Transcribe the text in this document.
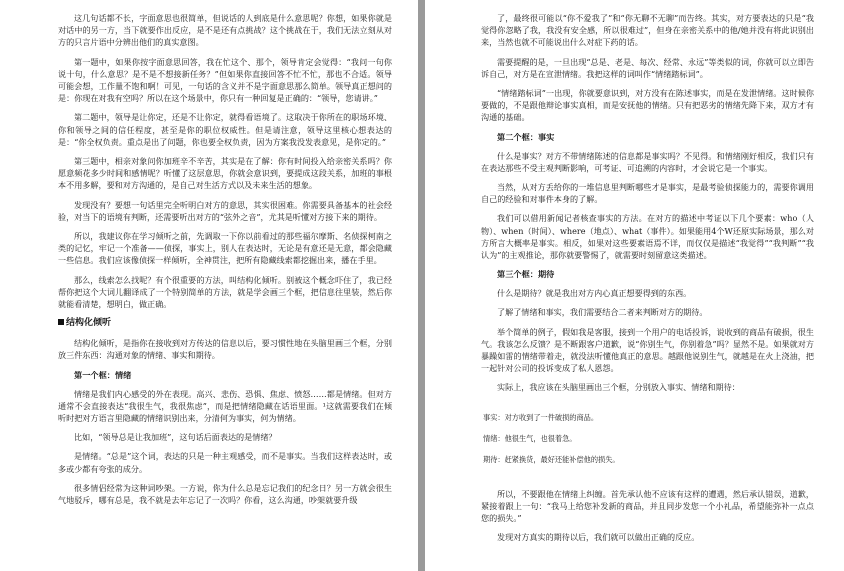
这几句话都不长，字面意思也很简单，但说话的人到底是什么意思呢？你想，如果你就是对话中的另一方，当下就要作出反应，是不是还有点挑战？这个挑战在于，我们无法立刻从对方的只言片语中分辨出他们的真实意图。

第一题中，如果你按字面意思回答，我在忙这个、那个，领导肯定会觉得：“我问一句你说十句，什么意思？是不是不想接新任务？”但如果你直接回答不忙不忙，那也不合适。领导可能会想，工作量不饱和啊！可见，一句话的含义并不是字面意思那么简单。领导真正想问的是：你现在对我有空吗？所以在这个场景中，你只有一种回复是正确的：“领导，您请讲。”

第二题中，领导是让你定，还是不让你定，就得看语境了。这取决于你所在的职场环境、你和领导之间的信任程度，甚至是你的职位权威性。但是请注意，领导这里核心想表达的是：“你全权负责。重点是出了问题，你也要全权负责，因为方案我没发表意见，是你定的。”

第三题中，相亲对象问你加班辛不辛苦，其实是在了解：你有时间投入给亲密关系吗？你愿意频花多少时间和感情呢？听懂了这层意思，你就会意识到，要提成这段关系，加班的事根本不用多解，要和对方沟通的，是自己对生活方式以及未来生活的想象。

发现没有？要想一句话里完全听明白对方的意思，其实很困难。你需要具备基本的社会经验，对当下的语境有判断，还需要听出对方的“弦外之音”，尤其是听懂对方接下来的期待。

所以，我建议你在学习倾听之前，先调取一下你以前看过的那些福尔摩斯、名侦探柯南之类的记忆，牢记一个准备——侦探，事实上，别人在表达时，无论是有意还是无意，都会隐藏一些信息。我们应该像侦探一样倾听，全神贯注，把所有隐藏线索都挖掘出来，播在手里。

那么，线索怎么找呢？有个很重要的方法，叫结构化倾听。别被这个概念吓住了，我已经帮你把这个大词儿翻译成了一个特别简单的方法，就是学会画三个框，把信息往里装，然后你就能看清楚，想明白，做正确。

结构化倾听

结构化倾听，是指你在接收到对方传达的信息以后，要习惯性地在头脑里画三个框，分别放三件东西：沟通对象的情绪、事实和期待。

第一个框：情绪

情绪是我们内心感受的外在表现。高兴、悲伤、恐惧、焦虑、愤怒……都是情绪。但对方通常不会直接表达“我很生气，我很焦虑”，而是把情绪隐藏在话语里面。¹这就需要我们在倾听时把对方语言里隐藏的情绪识别出来，分清何为事实，何为情绪。

比如，“领导总是让我加班”，这句话后面表达的是情绪？

是情绪。“总是”这个词，表达的只是一种主观感受，而不是事实。当我们这样表达时，或多或少都有夸张的成分。

很多情侣经常为这种词吵架。一方说，你为什么总是忘记我们的纪念日？另一方就会很生气地驳斥，哪有总是，我不就是去年忘记了一次吗？你看，这么沟通，吵架就要升级

了，最终很可能以“你不爱我了”和“你无聊不无聊”而告终。其实，对方要表达的只是“我觉得你忽略了我，我没有安全感，所以很难过”，但身在亲密关系中的他/她并没有将此识别出来，当然也就不可能说出什么对症下药的话。

需要提醒的是，一旦出现“总是、老是、每次、经常、永远”等类似的词，你就可以立即告诉自己，对方是在宣泄情绪。我把这样的词叫作“情绪踏标词”。

“情绪踏标词”一出现，你就要意识到，对方没有在陈述事实，而是在发泄情绪。这时候你要做的，不是跟他辩论事实真相，而是安抚他的情绪。只有把恶劣的情绪先降下来，双方才有沟通的基础。

第二个框：事实

什么是事实？对方不带情绪陈述的信息都是事实吗？不见得。和情绪刚好相反，我们只有在表达那些不受主观判断影响，可考证、可追溯的内容时，才会说它是一个事实。

当然，从对方丢给你的一堆信息里判断哪些才是事实，是最考验侦探能力的，需要你调用自己的经验和对事件本身的了解。

我们可以借用新闻记者核查事实的方法。在对方的描述中考证以下几个要素：who（人物）、when（时间）、where（地点）、what（事件）。如果能用4个W还原实际场景，那么对方所言大概率是事实。相反，如果对这些要素语焉不详，而仅仅是描述“我觉得”“我判断”“我认为”的主观推论，那你就要警惕了，就需要时刻留意这类描述。

第三个框：期待

什么是期待？就是我出对方内心真正想要得到的东西。

了解了情绪和事实，我们需要结合二者来判断对方的期待。

举个简单的例子，假如我是客服，接到一个用户的电话投诉，说收到的商品有破损，很生气。我该怎么反馈？是不断跟客户道歉，说“你别生气，你别着急”吗？显然不是。如果就对方暴躁如雷的情绪带着走，就没法听懂他真正的意思。越跟他说别生气，就越是在火上浇油，把一起针对公司的投诉变成了私人恩怨。

实际上，我应该在头脑里画出三个框，分别放入事实、情绪和期待：

事实：对方收到了一件破损的商品。
情绪：他很生气，也很着急。
期待：赶紧换货，最好还能补偿他的损失。

所以，不要跟他在情绪上纠缠。首先承认他不应该有这样的遭遇，然后承认错误，道歉，紧接着跟上一句：“我马上给您补发新的商品，并且同步发您一个小礼品，希望能弥补一点点您的损失。”

发现对方真实的期待以后，我们就可以做出正确的反应。
